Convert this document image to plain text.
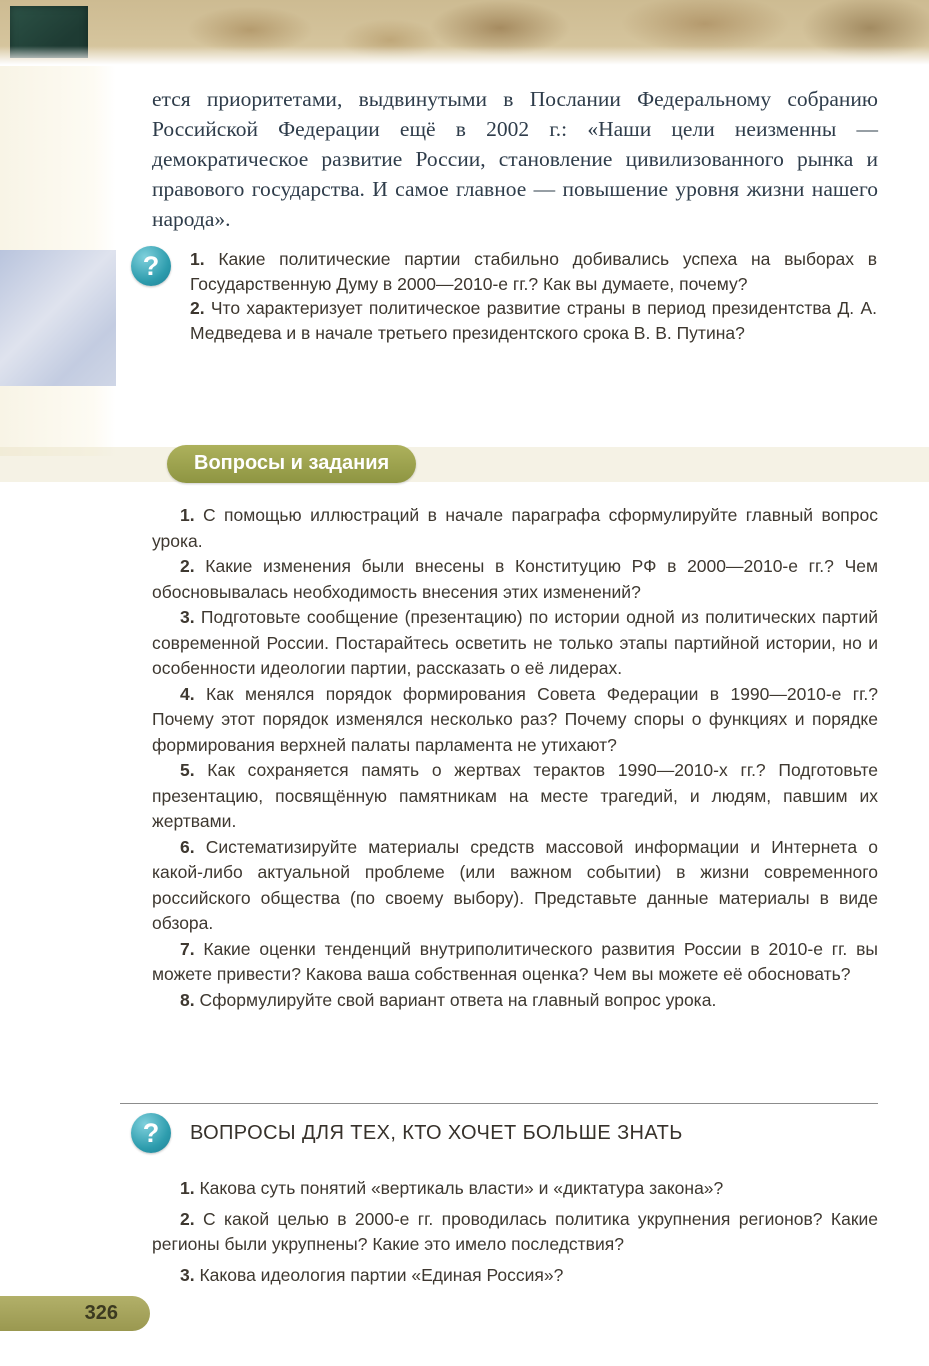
ется приоритетами, выдвинутыми в Послании Федеральному собранию Российской Федерации ещё в 2002 г.: «Наши цели неизменны — демократическое развитие России, становление цивилизованного рынка и правового государства. И самое главное — повышение уровня жизни нашего народа».
? 1. Какие политические партии стабильно добивались успеха на выборах в Государственную Думу в 2000—2010-е гг.? Как вы думаете, почему?

2. Что характеризует политическое развитие страны в период президентства Д. А. Медведева и в начале третьего президентского срока В. В. Путина?

Вопросы и задания

1. С помощью иллюстраций в начале параграфа сформулируйте главный вопрос урока.

2. Какие изменения были внесены в Конституцию РФ в 2000—2010-е гг.? Чем обосновывалась необходимость внесения этих изменений?

3. Подготовьте сообщение (презентацию) по истории одной из политических партий современной России. Постарайтесь осветить не только этапы партийной истории, но и особенности идеологии партии, рассказать о её лидерах.

4. Как менялся порядок формирования Совета Федерации в 1990—2010-е гг.? Почему этот порядок изменялся несколько раз? Почему споры о функциях и порядке формирования верхней палаты парламента не утихают?

5. Как сохраняется память о жертвах терактов 1990—2010-х гг.? Подготовьте презентацию, посвящённую памятникам на месте трагедий, и людям, павшим их жертвами.

6. Систематизируйте материалы средств массовой информации и Интернета о какой-либо актуальной проблеме (или важном событии) в жизни современного российского общества (по своему выбору). Представьте данные материалы в виде обзора.

7. Какие оценки тенденций внутриполитического развития России в 2010-е гг. вы можете привести? Какова ваша собственная оценка? Чем вы можете её обосновать?

8. Сформулируйте свой вариант ответа на главный вопрос урока.

? ВОПРОСЫ ДЛЯ ТЕХ, КТО ХОЧЕТ БОЛЬШЕ ЗНАТЬ

1. Какова суть понятий «вертикаль власти» и «диктатура закона»?

2. С какой целью в 2000-е гг. проводилась политика укрупнения регионов? Какие регионы были укрупнены? Какие это имело последствия?

3. Какова идеология партии «Единая Россия»?

326
